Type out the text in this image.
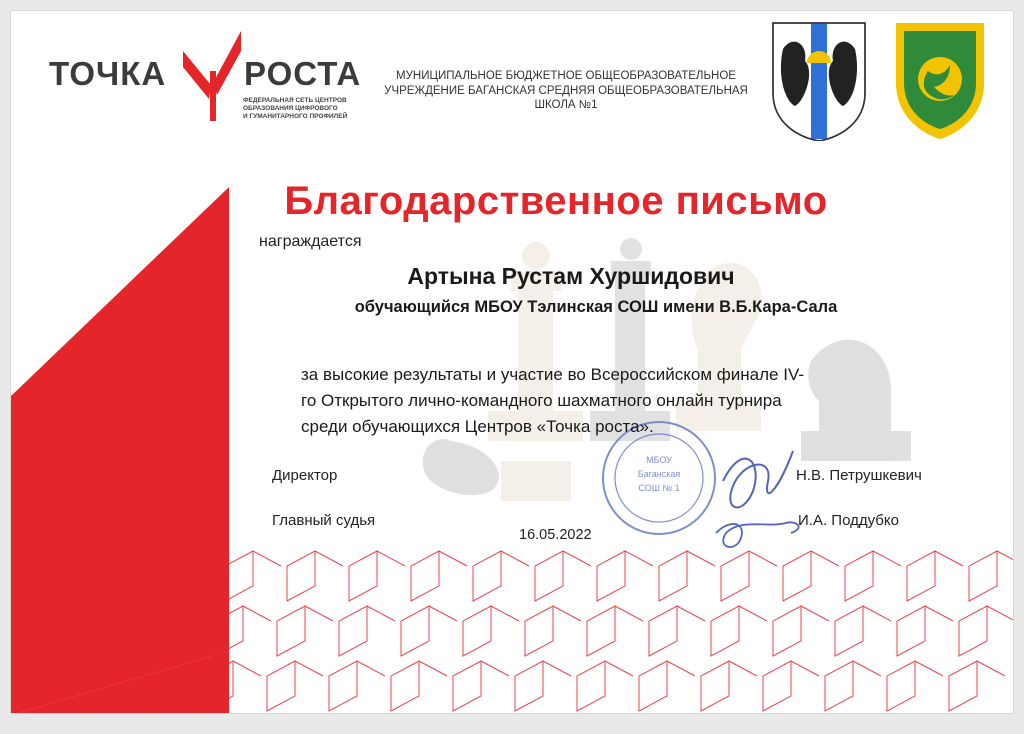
МБОУ
Баганская
СОШ № 1
ТОЧКА РОСТА
ФЕДЕРАЛЬНАЯ СЕТЬ ЦЕНТРОВ
ОБРАЗОВАНИЯ ЦИФРОВОГО
И ГУМАНИТАРНОГО ПРОФИЛЕЙ
МУНИЦИПАЛЬНОЕ БЮДЖЕТНОЕ ОБЩЕОБРАЗОВАТЕЛЬНОЕ
УЧРЕЖДЕНИЕ БАГАНСКАЯ СРЕДНЯЯ ОБЩЕОБРАЗОВАТЕЛЬНАЯ
ШКОЛА №1
Благодарственное письмо
награждается
Артына Рустам Хуршидович
обучающийся МБОУ Тэлинская СОШ имени В.Б.Кара-Сала
за высокие результаты и участие во Всероссийском финале IV-
го Открытого лично-командного шахматного онлайн турнира
среди обучающихся Центров «Точка роста».
Директор	Н.В. Петрушкевич
Главный судья	И.А. Поддубко
16.05.2022
